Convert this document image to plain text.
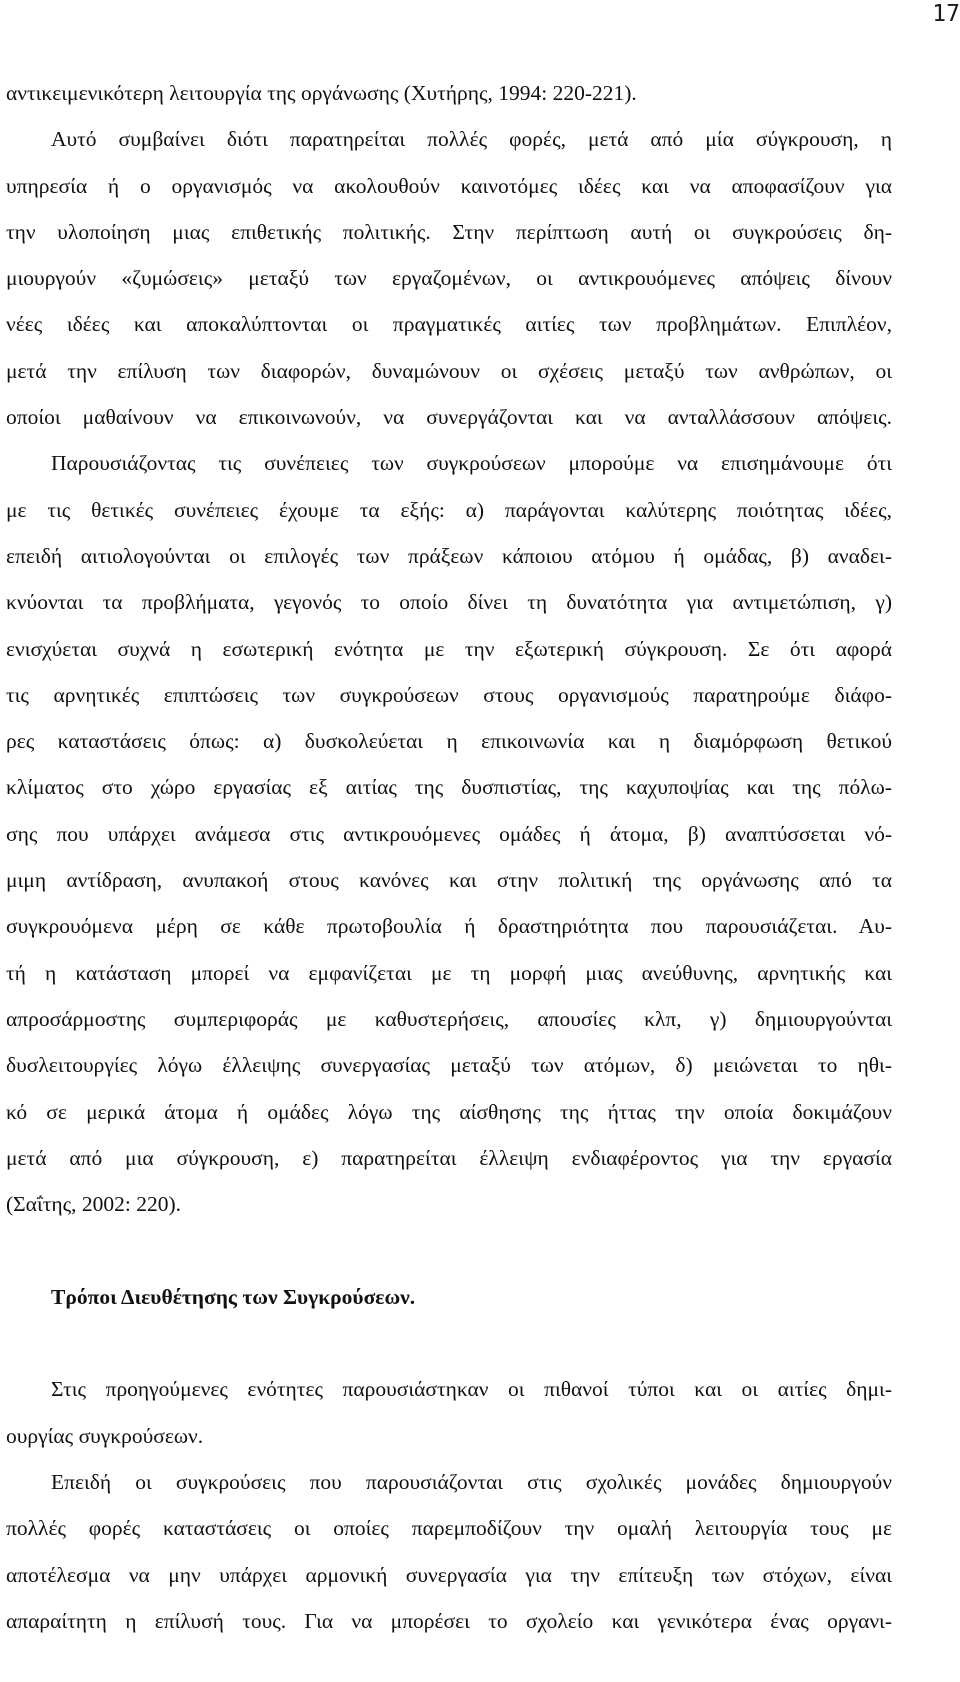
17
αντικειμενικότερη λειτουργία της οργάνωσης (Χυτήρης, 1994: 220-221).
Αυτό συμβαίνει διότι παρατηρείται πολλές φορές, μετά από μία σύγκρουση, η
υπηρεσία ή ο οργανισμός να ακολουθούν καινοτόμες ιδέες και να αποφασίζουν για
την υλοποίηση μιας επιθετικής πολιτικής. Στην περίπτωση αυτή οι συγκρούσεις δη-
μιουργούν «ζυμώσεις» μεταξύ των εργαζομένων, οι αντικρουόμενες απόψεις δίνουν
νέες ιδέες και αποκαλύπτονται οι πραγματικές αιτίες των προβλημάτων. Επιπλέον,
μετά την επίλυση των διαφορών, δυναμώνουν οι σχέσεις μεταξύ των ανθρώπων, οι
οποίοι μαθαίνουν να επικοινωνούν, να συνεργάζονται και να ανταλλάσσουν απόψεις.
Παρουσιάζοντας τις συνέπειες των συγκρούσεων μπορούμε να επισημάνουμε ότι
με τις θετικές συνέπειες έχουμε τα εξής: α) παράγονται καλύτερης ποιότητας ιδέες,
επειδή αιτιολογούνται οι επιλογές των πράξεων κάποιου ατόμου ή ομάδας, β) αναδει-
κνύονται τα προβλήματα, γεγονός το οποίο δίνει τη δυνατότητα για αντιμετώπιση, γ)
ενισχύεται συχνά η εσωτερική ενότητα με την εξωτερική σύγκρουση. Σε ότι αφορά
τις αρνητικές επιπτώσεις των συγκρούσεων στους οργανισμούς παρατηρούμε διάφο-
ρες καταστάσεις όπως: α) δυσκολεύεται η επικοινωνία και η διαμόρφωση θετικού
κλίματος στο χώρο εργασίας εξ αιτίας της δυσπιστίας, της καχυποψίας και της πόλω-
σης που υπάρχει ανάμεσα στις αντικρουόμενες ομάδες ή άτομα, β) αναπτύσσεται νό-
μιμη αντίδραση, ανυπακοή στους κανόνες και στην πολιτική της οργάνωσης από τα
συγκρουόμενα μέρη σε κάθε πρωτοβουλία ή δραστηριότητα που παρουσιάζεται. Αυ-
τή η κατάσταση μπορεί να εμφανίζεται με τη μορφή μιας ανεύθυνης, αρνητικής και
απροσάρμοστης συμπεριφοράς με καθυστερήσεις, απουσίες κλπ, γ) δημιουργούνται
δυσλειτουργίες λόγω έλλειψης συνεργασίας μεταξύ των ατόμων, δ) μειώνεται το ηθι-
κό σε μερικά άτομα ή ομάδες λόγω της αίσθησης της ήττας την οποία δοκιμάζουν
μετά από μια σύγκρουση, ε) παρατηρείται έλλειψη ενδιαφέροντος για την εργασία
(Σαΐτης, 2002: 220).
Τρόποι Διευθέτησης των Συγκρούσεων.
Στις προηγούμενες ενότητες παρουσιάστηκαν οι πιθανοί τύποι και οι αιτίες δημι-
ουργίας συγκρούσεων.
Επειδή οι συγκρούσεις που παρουσιάζονται στις σχολικές μονάδες δημιουργούν
πολλές φορές καταστάσεις οι οποίες παρεμποδίζουν την ομαλή λειτουργία τους με
αποτέλεσμα να μην υπάρχει αρμονική συνεργασία για την επίτευξη των στόχων, είναι
απαραίτητη η επίλυσή τους. Για να μπορέσει το σχολείο και γενικότερα ένας οργανι-
